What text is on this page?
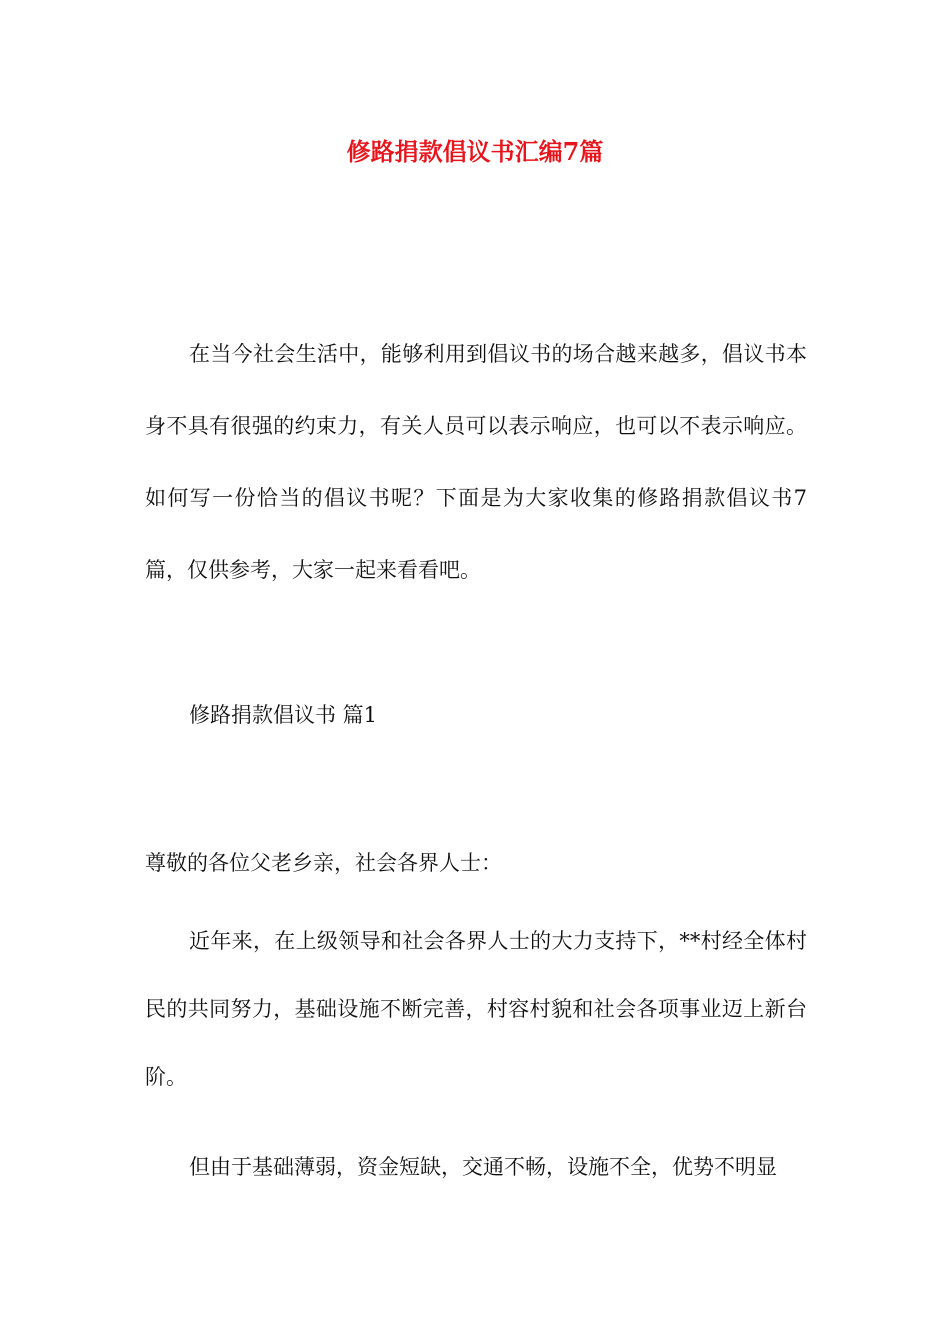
修路捐款倡议书汇编7篇

在当今社会生活中，能够利用到倡议书的场合越来越多，倡议书本身不具有很强的约束力，有关人员可以表示响应，也可以不表示响应。如何写一份恰当的倡议书呢？下面是为大家收集的修路捐款倡议书7篇，仅供参考，大家一起来看看吧。

修路捐款倡议书 篇1

尊敬的各位父老乡亲，社会各界人士：

近年来，在上级领导和社会各界人士的大力支持下，**村经全体村民的共同努力，基础设施不断完善，村容村貌和社会各项事业迈上新台阶。

但由于基础薄弱，资金短缺，交通不畅，设施不全，优势不明显
